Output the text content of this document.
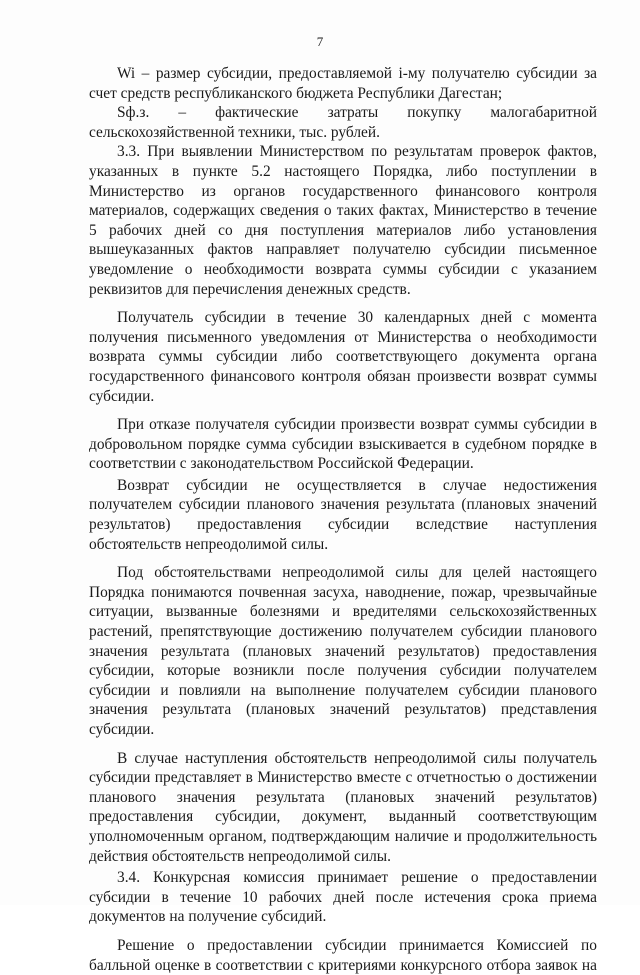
7

Wi – размер субсидии, предоставляемой i-му получателю субсидии за счет средств республиканского бюджета Республики Дагестан;

Sф.з. – фактические затраты покупку малогабаритной сельскохозяйственной техники, тыс. рублей.

3.3. При выявлении Министерством по результатам проверок фактов, указанных в пункте 5.2 настоящего Порядка, либо поступлении в Министерство из органов государственного финансового контроля материалов, содержащих сведения о таких фактах, Министерство в течение 5 рабочих дней со дня поступления материалов либо установления вышеуказанных фактов направляет получателю субсидии письменное уведомление о необходимости возврата суммы субсидии с указанием реквизитов для перечисления денежных средств.

Получатель субсидии в течение 30 календарных дней с момента получения письменного уведомления от Министерства о необходимости возврата суммы субсидии либо соответствующего документа органа государственного финансового контроля обязан произвести возврат суммы субсидии.

При отказе получателя субсидии произвести возврат суммы субсидии в добровольном порядке сумма субсидии взыскивается в судебном порядке в соответствии с законодательством Российской Федерации.

Возврат субсидии не осуществляется в случае недостижения получателем субсидии планового значения результата (плановых значений результатов) предоставления субсидии вследствие наступления обстоятельств непреодолимой силы.

Под обстоятельствами непреодолимой силы для целей настоящего Порядка понимаются почвенная засуха, наводнение, пожар, чрезвычайные ситуации, вызванные болезнями и вредителями сельскохозяйственных растений, препятствующие достижению получателем субсидии планового значения результата (плановых значений результатов) предоставления субсидии, которые возникли после получения субсидии получателем субсидии и повлияли на выполнение получателем субсидии планового значения результата (плановых значений результатов) представления субсидии.

В случае наступления обстоятельств непреодолимой силы получатель субсидии представляет в Министерство вместе с отчетностью о достижении планового значения результата (плановых значений результатов) предоставления субсидии, документ, выданный соответствующим уполномоченным органом, подтверждающим наличие и продолжительность действия обстоятельств непреодолимой силы.

3.4. Конкурсная комиссия принимает решение о предоставлении субсидии в течение 10 рабочих дней после истечения срока приема документов на получение субсидий.

Решение о предоставлении субсидии принимается Комиссией по балльной оценке в соответствии с критериями конкурсного отбора заявок на
